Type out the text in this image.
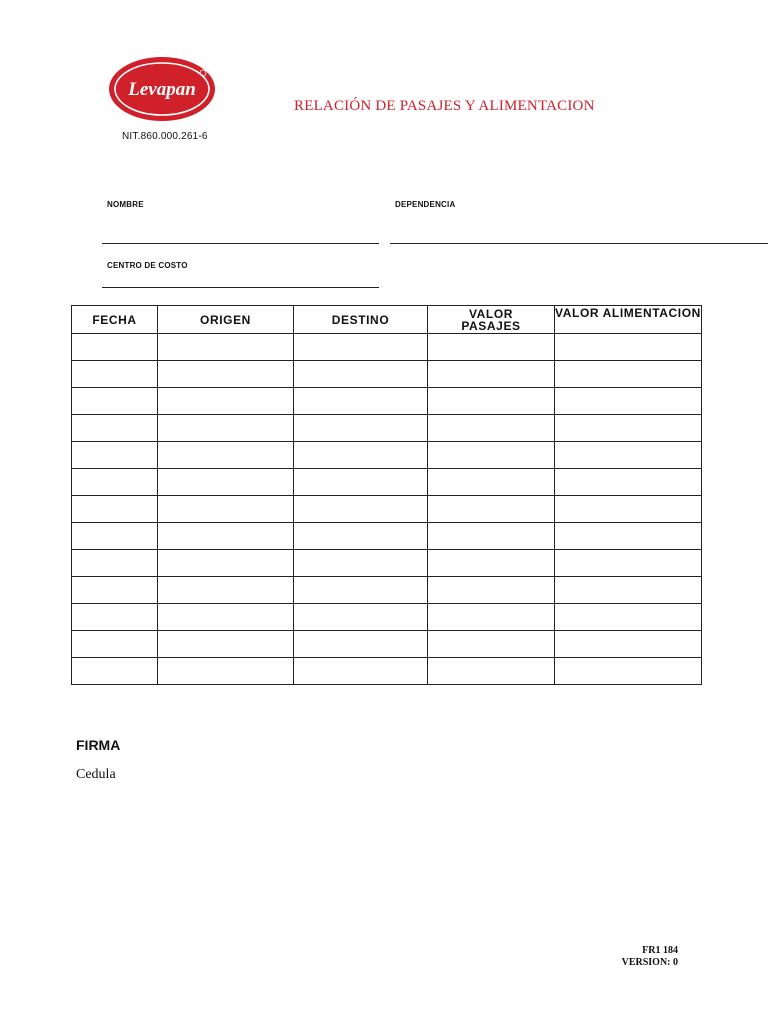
Levapan
NIT.860.000.261-6
RELACIÓN DE PASAJES Y ALIMENTACION
NOMBRE	DEPENDENCIA
CENTRO DE COSTO
FECHA	ORIGEN	DESTINO	VALOR PASAJES	VALOR ALIMENTACION

FIRMA
Cedula
FR1 184
VERSION: 0
